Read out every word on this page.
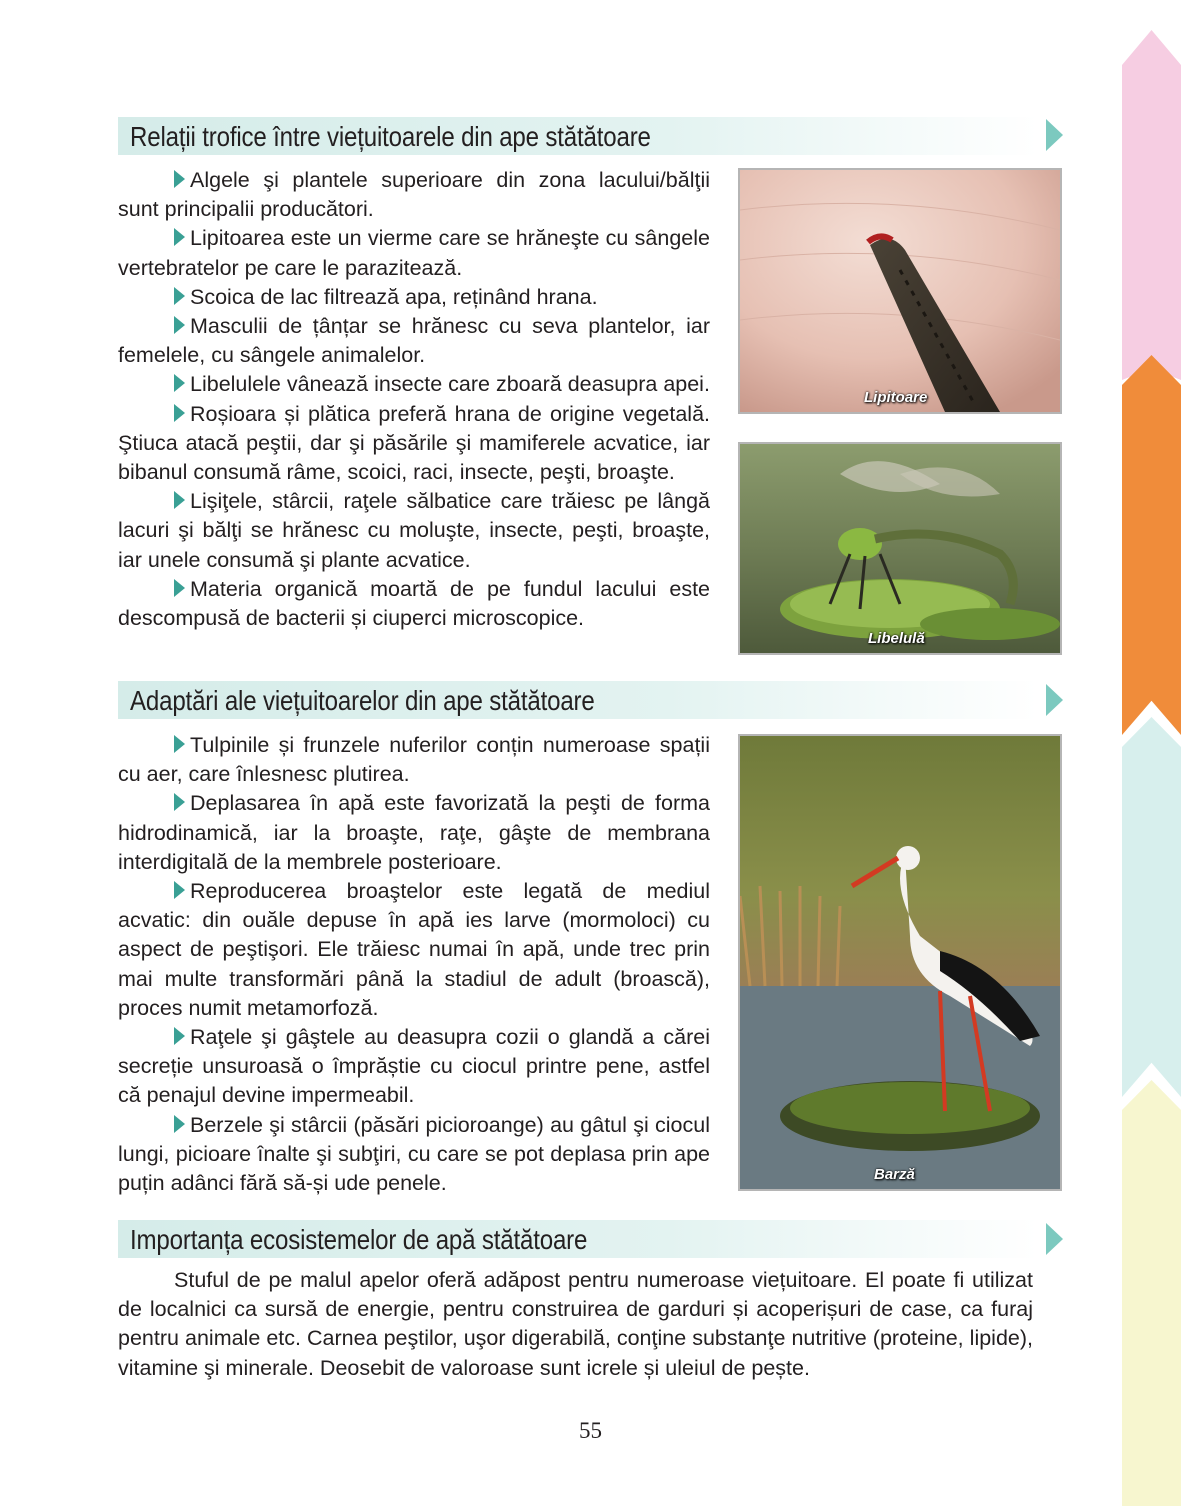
Relații trofice între viețuitoarele din ape stătătoare

Algele şi plantele superioare din zona lacului/bălţii sunt principalii producători.

Lipitoarea este un vierme care se hrăneşte cu sângele vertebratelor pe care le parazitează.

Scoica de lac filtrează apa, reținând hrana.

Masculii de țânțar se hrănesc cu seva plantelor, iar femelele, cu sângele animalelor.

Libelulele vânează insecte care zboară deasupra apei.

Roșioara și plătica preferă hrana de origine vegetală. Ştiuca atacă peştii, dar şi păsările şi mamiferele acvatice, iar bibanul consumă râme, scoici, raci, insecte, peşti, broaşte.

Lişiţele, stârcii, raţele sălbatice care trăiesc pe lângă lacuri şi bălţi se hrănesc cu moluşte, insecte, peşti, broaşte, iar unele consumă şi plante acvatice.

Materia organică moartă de pe fundul lacului este descompusă de bacterii și ciuperci microscopice.

Lipitoare
Libelulă
Adaptări ale viețuitoarelor din ape stătătoare

Tulpinile și frunzele nuferilor conțin numeroase spații cu aer, care înlesnesc plutirea.

Deplasarea în apă este favorizată la peşti de forma hidrodinamică, iar la broaşte, raţe, gâşte de membrana interdigitală de la membrele posterioare.

Reproducerea broaştelor este legată de mediul acvatic: din ouăle depuse în apă ies larve (mormoloci) cu aspect de peştişori. Ele trăiesc numai în apă, unde trec prin mai multe transformări până la stadiul de adult (broască), proces numit metamorfoză.

Raţele şi gâştele au deasupra cozii o glandă a cărei secreție unsuroasă o împrăștie cu ciocul printre pene, astfel că penajul devine impermeabil.

Berzele şi stârcii (păsări picioroange) au gâtul şi ciocul lungi, picioare înalte şi subţiri, cu care se pot deplasa prin ape puțin adânci fără să-și ude penele.	Barză
Importanța ecosistemelor de apă stătătoare

Stuful de pe malul apelor oferă adăpost pentru numeroase viețuitoare. El poate fi utilizat de localnici ca sursă de energie, pentru construirea de garduri și acoperișuri de case, ca furaj pentru animale etc. Carnea peştilor, uşor digerabilă, conţine substanţe nutritive (proteine, lipide), vitamine şi minerale. Deosebit de valoroase sunt icrele și uleiul de pește.

55
